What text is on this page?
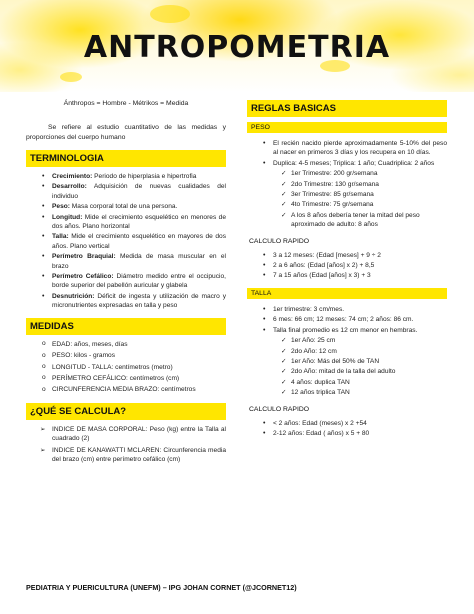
ANTROPOMETRIA
Ánthropos = Hombre - Métrikos = Medida
Se refiere al estudio cuantitativo de las medidas y proporciones del cuerpo humano
TERMINOLOGIA
• Crecimiento: Periodo de hiperplasia e hipertrofia
• Desarrollo: Adquisición de nuevas cualidades del individuo
• Peso: Masa corporal total de una persona.
• Longitud: Mide el crecimiento esquelético en menores de dos años. Plano horizontal
• Talla: Mide el crecimiento esquelético en mayores de dos años. Plano vertical
• Perímetro Braquial: Medida de masa muscular en el brazo
• Perímetro Cefálico: Diámetro medido entre el occipucio, borde superior del pabellón auricular y glabela
• Desnutrición: Déficit de ingesta y utilización de macro y micronutrientes expresadas en talla y peso
MEDIDAS
o EDAD: años, meses, días
o PESO: kilos - gramos
o LONGITUD - TALLA: centímetros (metro)
o PERÍMETRO CEFÁLICO: centímetros (cm)
o CIRCUNFERENCIA MEDIA BRAZO: centímetros
¿QUÉ SE CALCULA?
➢ INDICE DE MASA CORPORAL: Peso (kg) entre la Talla al cuadrado (2)
➢ INDICE DE KANAWATTI MCLAREN: Circunferencia media del brazo (cm) entre perímetro cefálico (cm)
REGLAS BASICAS
PESO
• El recién nacido pierde aproximadamente 5-10% del peso al nacer en primeros 3 días y los recupera en 10 días.
• Duplica: 4-5 meses; Triplica: 1 año; Cuadriplica: 2 años
✓ 1er Trimestre: 200 gr/semana
✓ 2do Trimestre: 130 gr/semana
✓ 3er Trimestre: 85 gr/semana
✓ 4to Trimestre: 75 gr/semana
✓ A los 8 años debería tener la mitad del peso aproximado de adulto: 8 años
CALCULO RAPIDO
• 3 a 12 meses: (Edad [meses] + 9 ÷ 2
• 2 a 6 años: (Edad [años] x 2) + 8,5
• 7 a 15 años (Edad [años] x 3) + 3
TALLA
• 1er trimestre: 3 cm/mes.
• 6 mes: 66 cm; 12 meses: 74 cm; 2 años: 86 cm.
• Talla final promedio es 12 cm menor en hembras.
✓ 1er Año: 25 cm
✓ 2do Año: 12 cm
✓ 1er Año: Más del 50% de TAN
✓ 2do Año: mitad de la talla del adulto
✓ 4 años: duplica TAN
✓ 12 años triplica TAN
CALCULO RAPIDO
• < 2 años: Edad (meses) x 2 +54
• 2-12 años: Edad ( años) x 5 + 80
PEDIATRIA Y PUERICULTURA (UNEFM) – IPG JOHAN CORNET (@JCORNET12)
